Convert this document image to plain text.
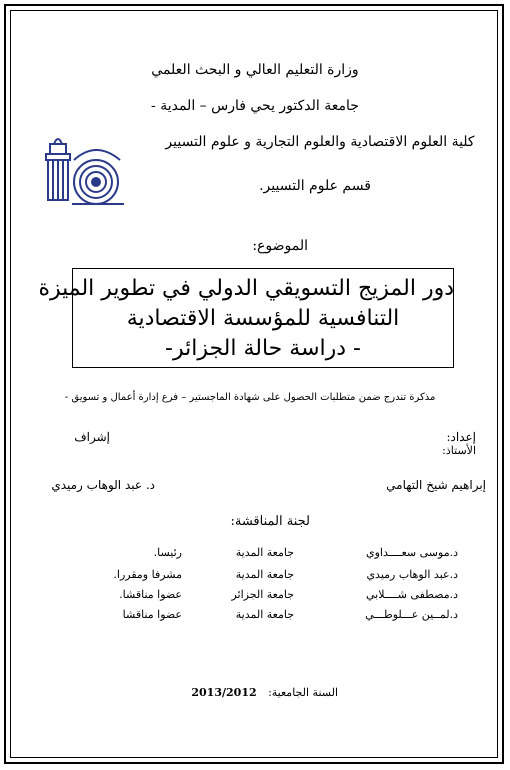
وزارة التعليم العالي و البحث العلمي
جامعة الدكتور يحي فارس – المدية -
كلية العلوم الاقتصادية والعلوم التجارية و علوم التسيير
قسم علوم التسيير.
الموضوع:
دور المزيج التسويقي الدولي في تطوير الميزة
التنافسية للمؤسسة الاقتصادية
- دراسة حالة الجزائر-
مذكرة تندرج ضمن متطلبات الحصول على شهادة الماجستير – فرع إدارة أعمال و تسويق -
إعداد:
الأستاذ:
إشراف
إبراهيم شيخ التهامي
د. عبد الوهاب رميدي
لجنة المناقشة:
د.موسى سعــــداوي
جامعة المدية
رئيسا.
د.عبد الوهاب رميدي
جامعة المدية
مشرفا ومقررا.
د.مصطفى شــــلابي
جامعة الجزائر
عضوا مناقشا.
د.لمــين عـــلوطـــي
جامعة المدية
عضوا مناقشا
السنة الجامعية:
2013/2012
